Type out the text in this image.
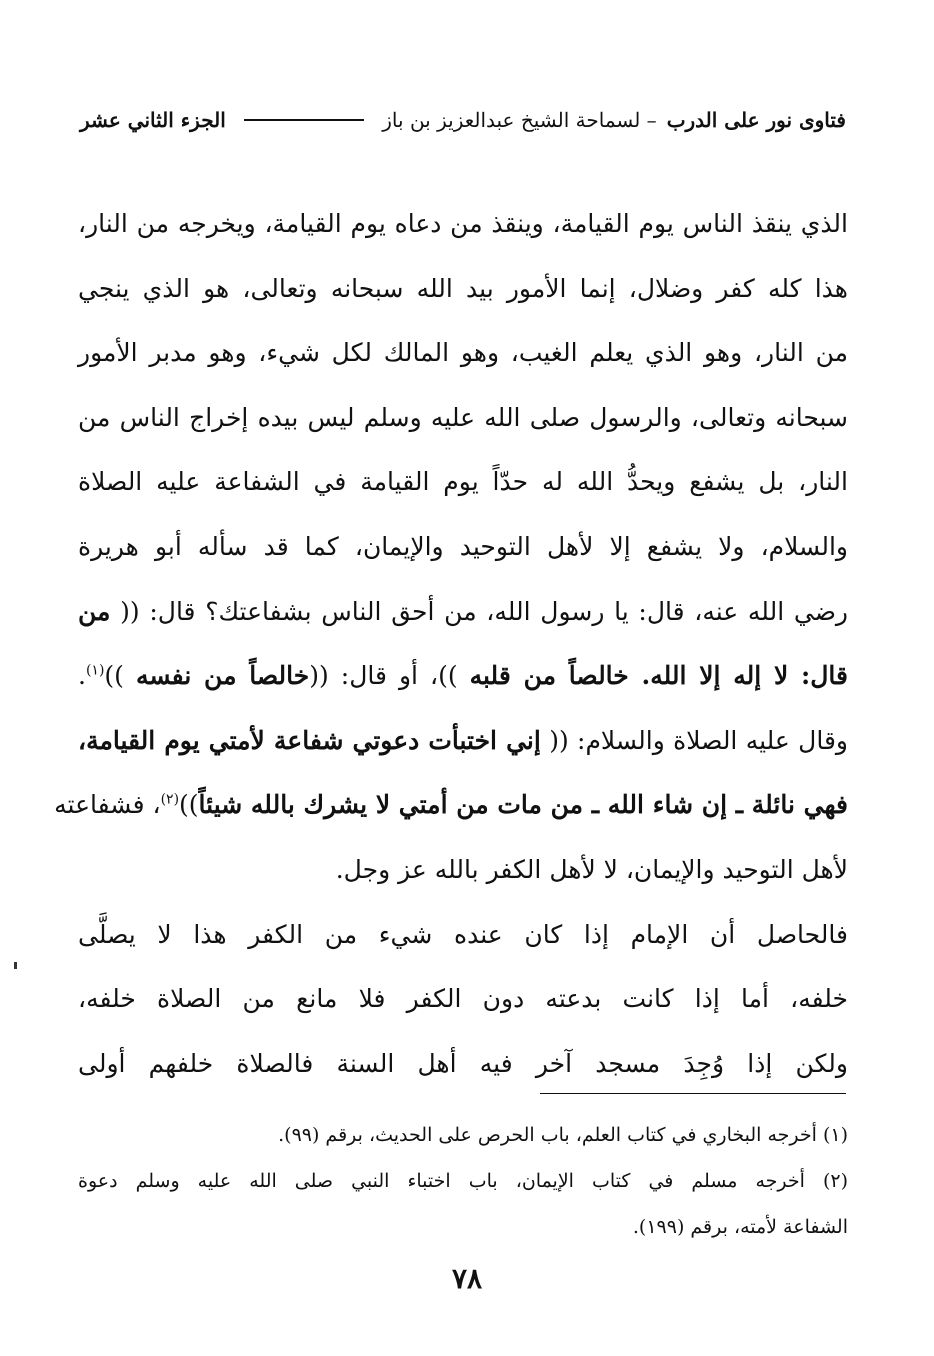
فتاوى نور على الدرب
– لسماحة الشيخ عبدالعزيز بن باز
الجزء الثاني عشر
الذي ينقذ الناس يوم القيامة، وينقذ من دعاه يوم القيامة، ويخرجه من النار،
هذا كله كفر وضلال، إنما الأمور بيد الله سبحانه وتعالى، هو الذي ينجي
من النار، وهو الذي يعلم الغيب، وهو المالك لكل شيء، وهو مدبر الأمور
سبحانه وتعالى، والرسول صلى الله عليه وسلم ليس بيده إخراج الناس من
النار، بل يشفع ويحدُّ الله له حدّاً يوم القيامة في الشفاعة عليه الصلاة
والسلام، ولا يشفع إلا لأهل التوحيد والإيمان، كما قد سأله أبو هريرة
رضي الله عنه، قال: يا رسول الله، من أحق الناس بشفاعتك؟ قال: (( من
قال: لا إله إلا الله. خالصاً من قلبه ))، أو قال: ((خالصاً من نفسه ))$^{(١)}$.
وقال عليه الصلاة والسلام: (( إني اختبأت دعوتي شفاعة لأمتي يوم القيامة،
فهي نائلة ـ إن شاء الله ـ من مات من أمتي لا يشرك بالله شيئاً))$^{(٢)}$، فشفاعته
لأهل التوحيد والإيمان، لا لأهل الكفر بالله عز وجل.
فالحاصل أن الإمام إذا كان عنده شيء من الكفر هذا لا يصلَّى
خلفه، أما إذا كانت بدعته دون الكفر فلا مانع من الصلاة خلفه،
ولكن إذا وُجِدَ مسجد آخر فيه أهل السنة فالصلاة خلفهم أولى
(١) أخرجه البخاري في كتاب العلم، باب الحرص على الحديث، برقم (٩٩).
(٢) أخرجه مسلم في كتاب الإيمان، باب اختباء النبي صلى الله عليه وسلم دعوة
الشفاعة لأمته، برقم (١٩٩).
٧٨
